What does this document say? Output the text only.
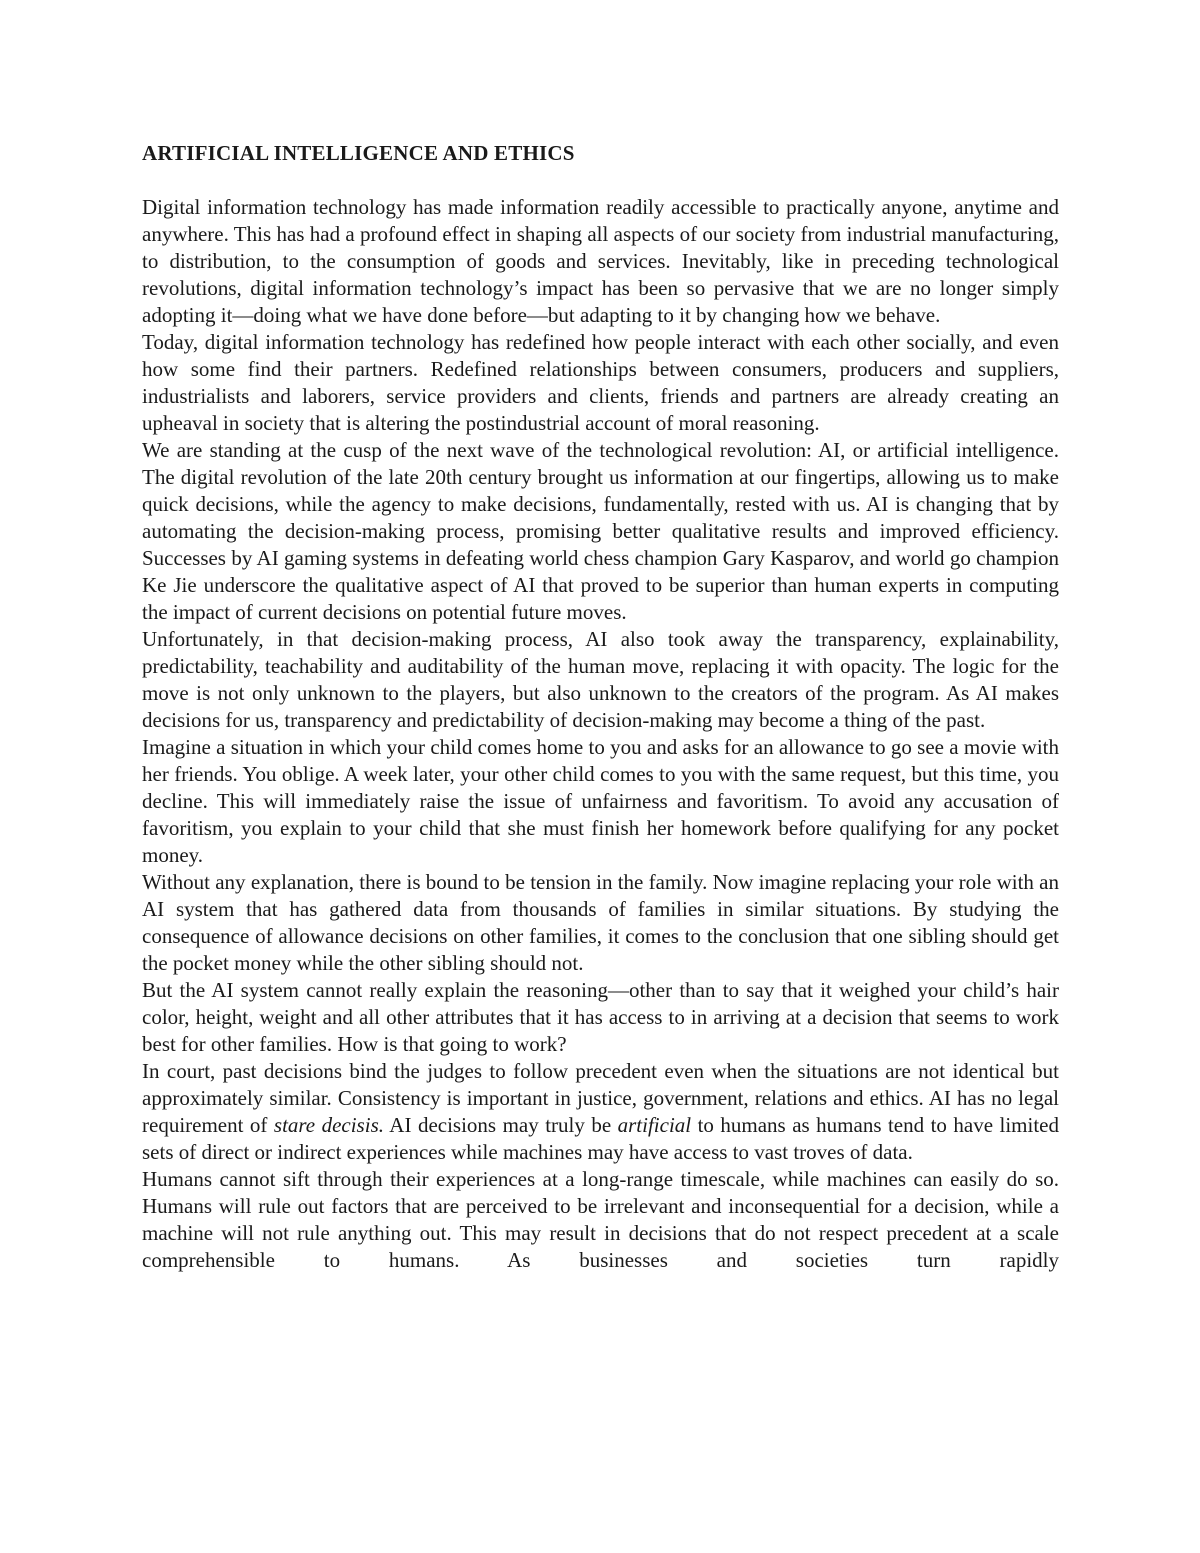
ARTIFICIAL INTELLIGENCE AND ETHICS

Digital information technology has made information readily accessible to practically anyone, anytime and anywhere. This has had a profound effect in shaping all aspects of our society from industrial manufacturing, to distribution, to the consumption of goods and services. Inevitably, like in preceding technological revolutions, digital information technology’s impact has been so pervasive that we are no longer simply adopting it—doing what we have done before—but adapting to it by changing how we behave.

Today, digital information technology has redefined how people interact with each other socially, and even how some find their partners. Redefined relationships between consumers, producers and suppliers, industrialists and laborers, service providers and clients, friends and partners are already creating an upheaval in society that is altering the postindustrial account of moral reasoning.

We are standing at the cusp of the next wave of the technological revolution: AI, or artificial intelligence. The digital revolution of the late 20th century brought us information at our fingertips, allowing us to make quick decisions, while the agency to make decisions, fundamentally, rested with us. AI is changing that by automating the decision-making process, promising better qualitative results and improved efficiency. Successes by AI gaming systems in defeating world chess champion Gary Kasparov, and world go champion Ke Jie underscore the qualitative aspect of AI that proved to be superior than human experts in computing the impact of current decisions on potential future moves.

Unfortunately, in that decision-making process, AI also took away the transparency, explainability, predictability, teachability and auditability of the human move, replacing it with opacity. The logic for the move is not only unknown to the players, but also unknown to the creators of the program. As AI makes decisions for us, transparency and predictability of decision-making may become a thing of the past.

Imagine a situation in which your child comes home to you and asks for an allowance to go see a movie with her friends. You oblige. A week later, your other child comes to you with the same request, but this time, you decline. This will immediately raise the issue of unfairness and favoritism. To avoid any accusation of favoritism, you explain to your child that she must finish her homework before qualifying for any pocket money.

Without any explanation, there is bound to be tension in the family. Now imagine replacing your role with an AI system that has gathered data from thousands of families in similar situations. By studying the consequence of allowance decisions on other families, it comes to the conclusion that one sibling should get the pocket money while the other sibling should not.

But the AI system cannot really explain the reasoning—other than to say that it weighed your child’s hair color, height, weight and all other attributes that it has access to in arriving at a decision that seems to work best for other families. How is that going to work?

In court, past decisions bind the judges to follow precedent even when the situations are not identical but approximately similar. Consistency is important in justice, government, relations and ethics. AI has no legal requirement of stare decisis. AI decisions may truly be artificial to humans as humans tend to have limited sets of direct or indirect experiences while machines may have access to vast troves of data.

Humans cannot sift through their experiences at a long-range timescale, while machines can easily do so. Humans will rule out factors that are perceived to be irrelevant and inconsequential for a decision, while a machine will not rule anything out. This may result in decisions that do not respect precedent at a scale comprehensible to humans. As businesses and societies turn rapidly
